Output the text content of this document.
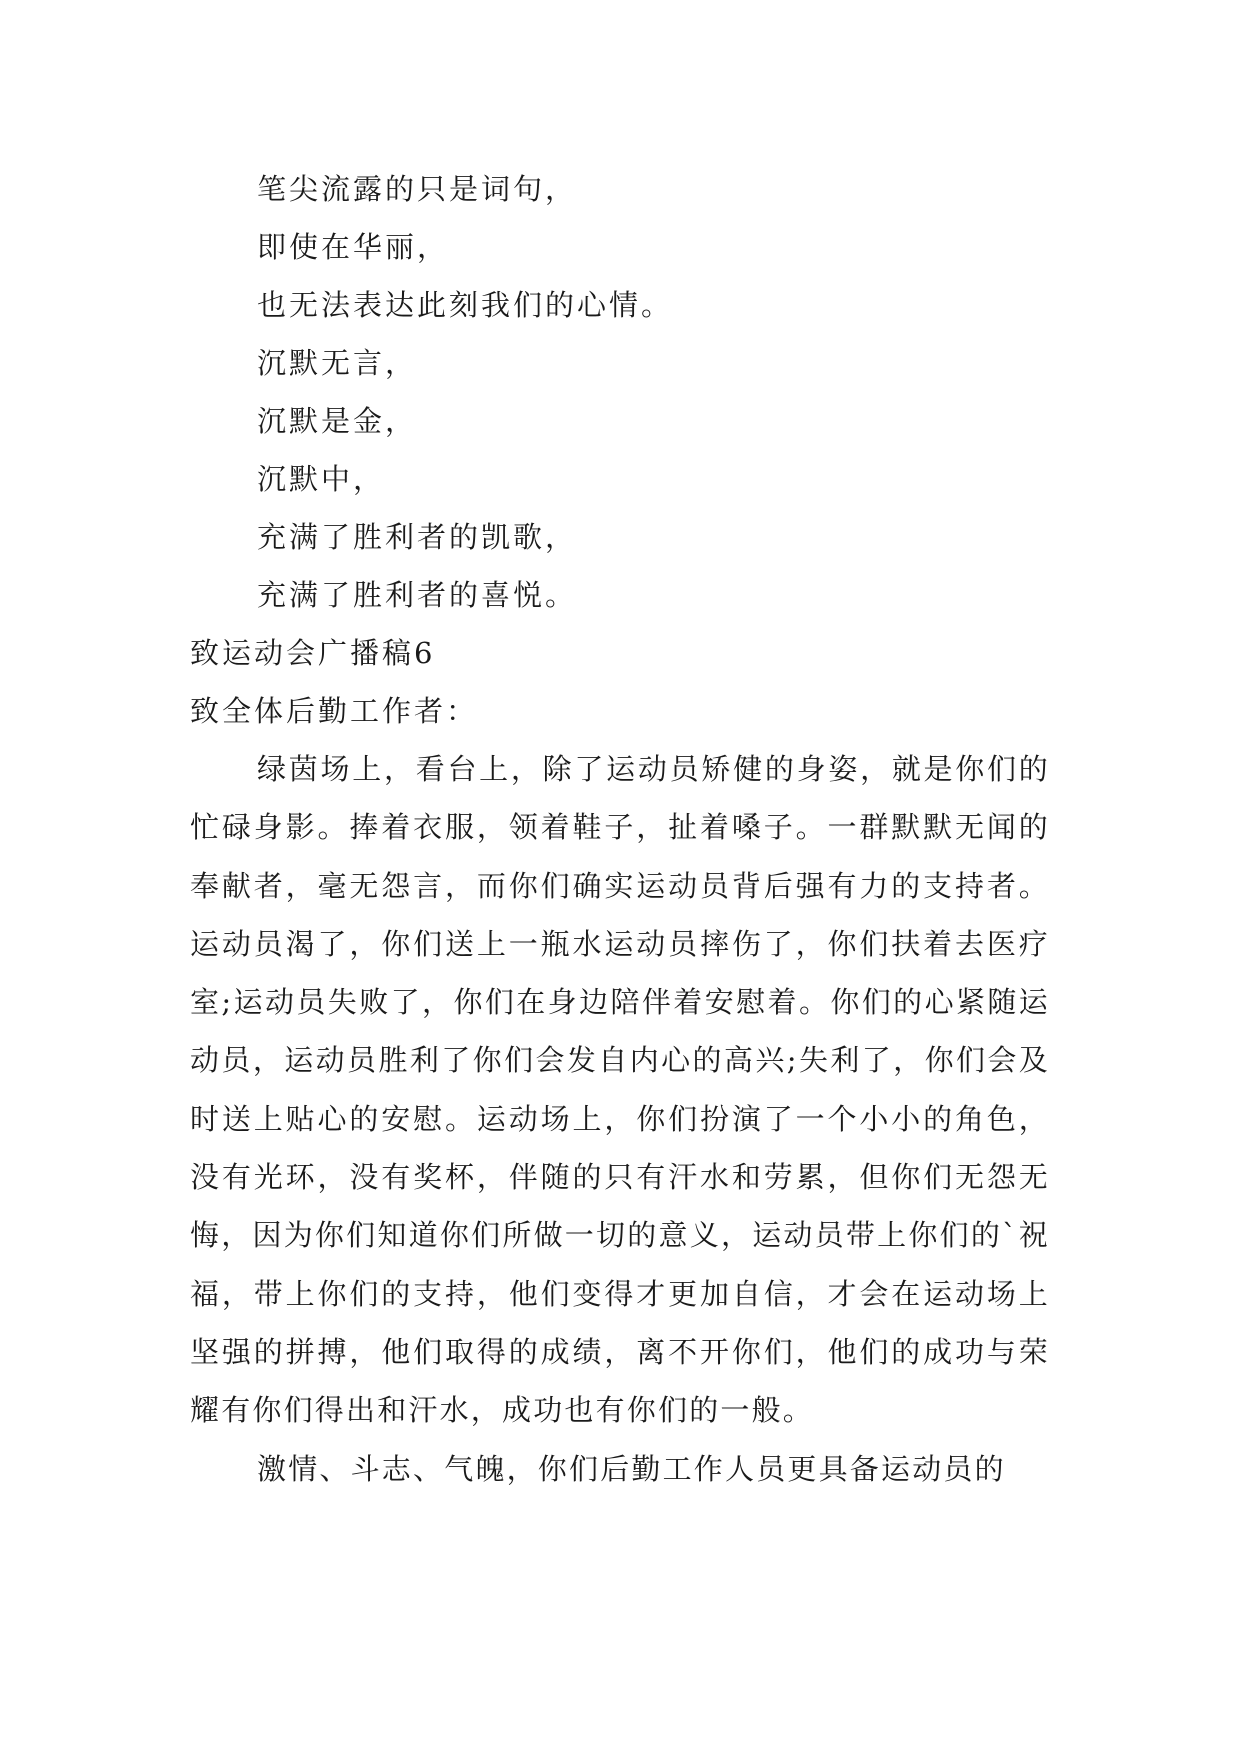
笔尖流露的只是词句，
即使在华丽，
也无法表达此刻我们的心情。
沉默无言，
沉默是金，
沉默中，
充满了胜利者的凯歌，
充满了胜利者的喜悦。
致运动会广播稿6
致全体后勤工作者：

绿茵场上，看台上，除了运动员矫健的身姿，就是你们的忙碌身影。捧着衣服，领着鞋子，扯着嗓子。一群默默无闻的奉献者，毫无怨言，而你们确实运动员背后强有力的支持者。运动员渴了，你们送上一瓶水运动员摔伤了，你们扶着去医疗室;运动员失败了，你们在身边陪伴着安慰着。你们的心紧随运动员，运动员胜利了你们会发自内心的高兴;失利了，你们会及时送上贴心的安慰。运动场上，你们扮演了一个小小的角色，没有光环，没有奖杯，伴随的只有汗水和劳累，但你们无怨无悔，因为你们知道你们所做一切的意义，运动员带上你们的`祝福，带上你们的支持，他们变得才更加自信，才会在运动场上坚强的拼搏，他们取得的成绩，离不开你们，他们的成功与荣耀有你们得出和汗水，成功也有你们的一般。

激情、斗志、气魄，你们后勤工作人员更具备运动员的
